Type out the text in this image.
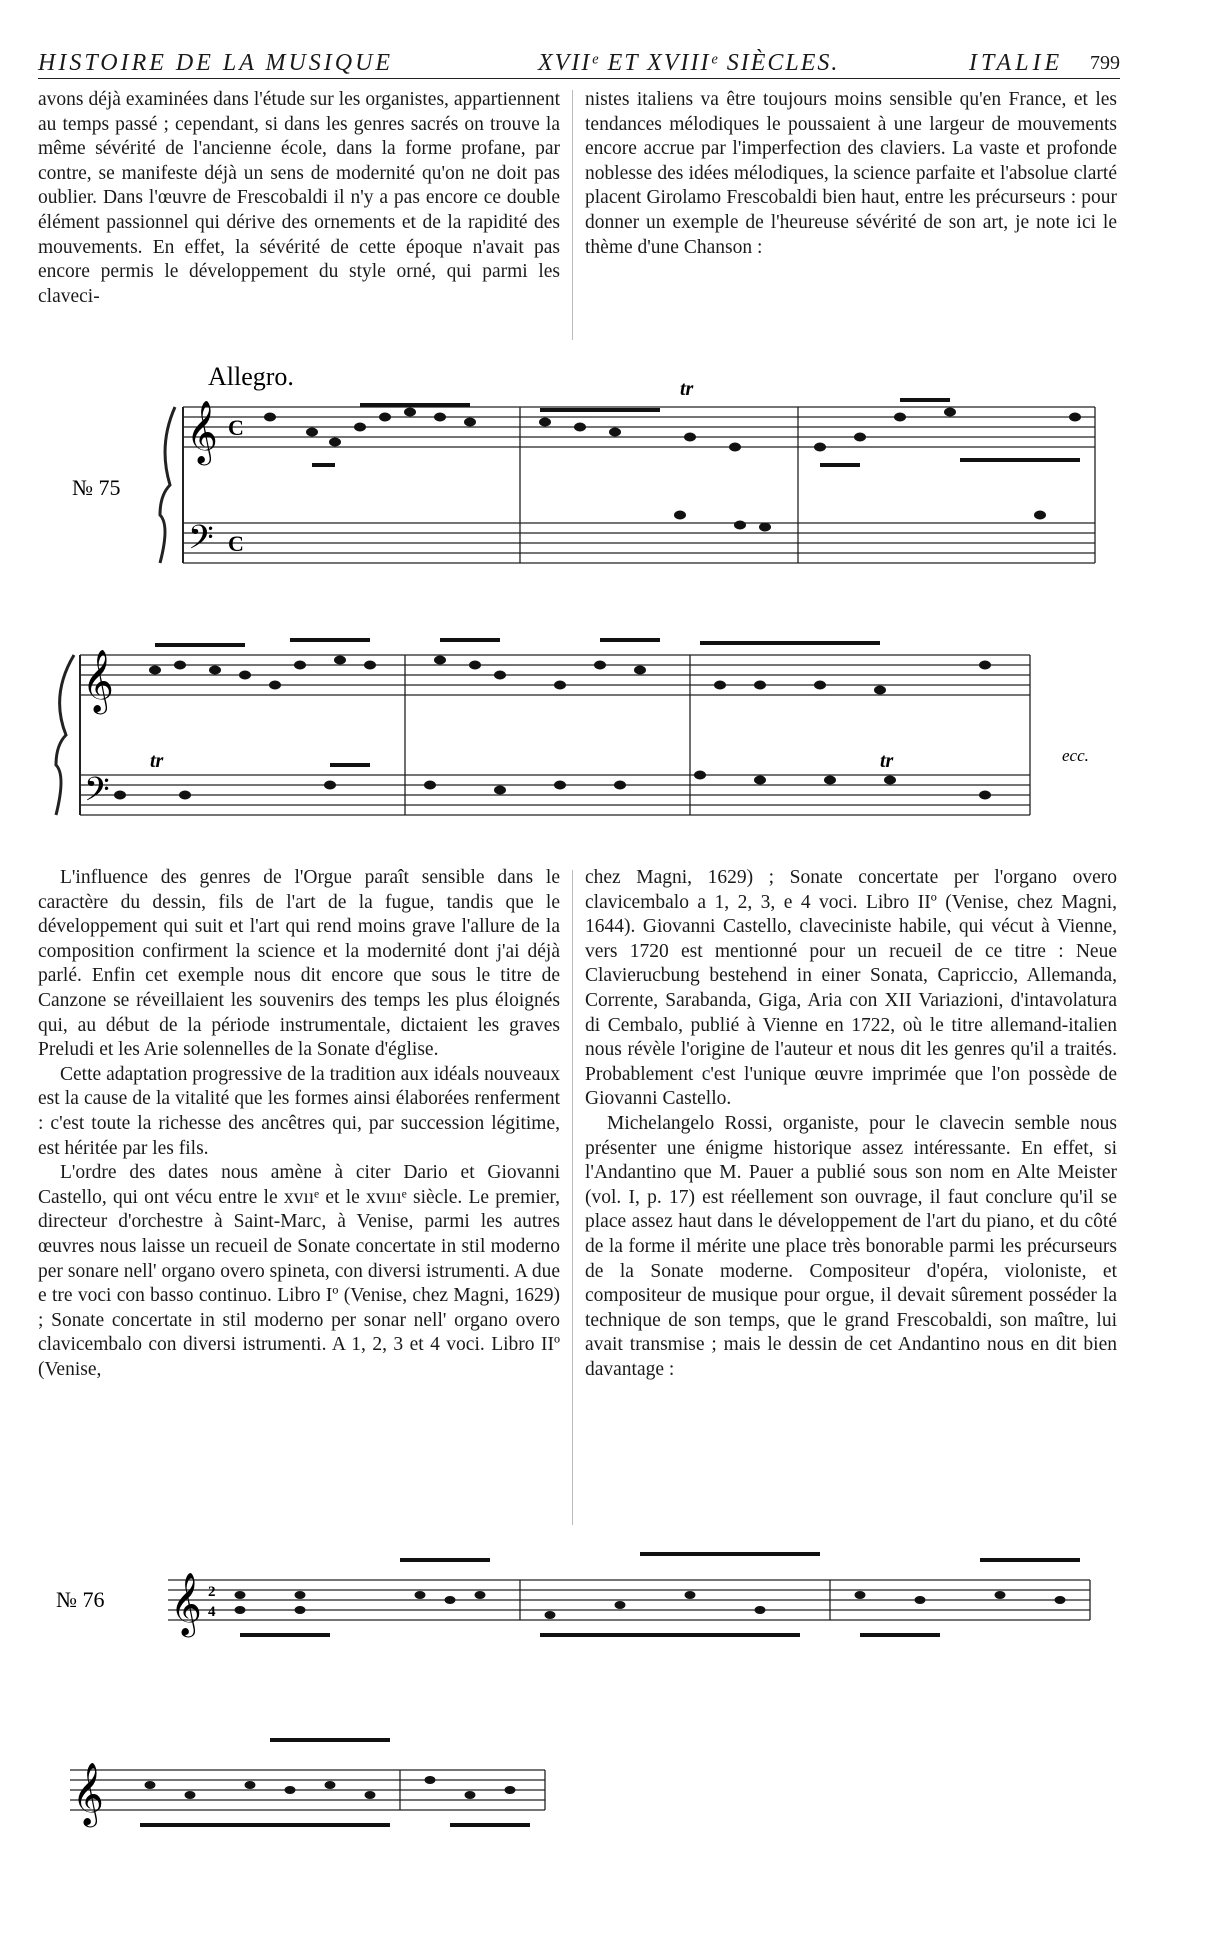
HISTOIRE DE LA MUSIQUE	XVIIᵉ ET XVIIIᵉ SIÈCLES.	ITALIE 799

avons déjà examinées dans l'étude sur les organistes, appartiennent au temps passé ; cependant, si dans les genres sacrés on trouve la même sévérité de l'ancienne école, dans la forme profane, par contre, se manifeste déjà un sens de modernité qu'on ne doit pas oublier. Dans l'œuvre de Frescobaldi il n'y a pas encore ce double élément passionnel qui dérive des ornements et de la rapidité des mouvements. En effet, la sévérité de cette époque n'avait pas encore permis le développement du style orné, qui parmi les claveci-

nistes italiens va être toujours moins sensible qu'en France, et les tendances mélodiques le poussaient à une largeur de mouvements encore accrue par l'imperfection des claviers. La vaste et profonde noblesse des idées mélodiques, la science parfaite et l'absolue clarté placent Girolamo Frescobaldi bien haut, entre les précurseurs : pour donner un exemple de l'heureuse sévérité de son art, je note ici le thème d'une Chanson :

Allegro.
№ 75
𝄞
𝄢
C
C
tr
𝄞
𝄢
tr	tr	ecc.

L'influence des genres de l'Orgue paraît sensible dans le caractère du dessin, fils de l'art de la fugue, tandis que le développement qui suit et l'art qui rend moins grave l'allure de la composition confirment la science et la modernité dont j'ai déjà parlé. Enfin cet exemple nous dit encore que sous le titre de Canzone se réveillaient les souvenirs des temps les plus éloignés qui, au début de la période instrumentale, dictaient les graves Preludi et les Arie solennelles de la Sonate d'église.

Cette adaptation progressive de la tradition aux idéals nouveaux est la cause de la vitalité que les formes ainsi élaborées renferment : c'est toute la richesse des ancêtres qui, par succession légitime, est héritée par les fils.

L'ordre des dates nous amène à citer Dario et Giovanni Castello, qui ont vécu entre le xvııᵉ et le xvıııᵉ siècle. Le premier, directeur d'orchestre à Saint-Marc, à Venise, parmi les autres œuvres nous laisse un recueil de Sonate concertate in stil moderno per sonare nell' organo overo spineta, con diversi istrumenti. A due e tre voci con basso continuo. Libro Iº (Venise, chez Magni, 1629) ; Sonate concertate in stil moderno per sonar nell' organo overo clavicembalo con diversi istrumenti. A 1, 2, 3 et 4 voci. Libro IIº (Venise,

chez Magni, 1629) ; Sonate concertate per l'organo overo clavicembalo a 1, 2, 3, e 4 voci. Libro IIº (Venise, chez Magni, 1644). Giovanni Castello, claveciniste habile, qui vécut à Vienne, vers 1720 est mentionné pour un recueil de ce titre : Neue Clavierucbung bestehend in einer Sonata, Capriccio, Allemanda, Corrente, Sarabanda, Giga, Aria con XII Variazioni, d'intavolatura di Cembalo, publié à Vienne en 1722, où le titre allemand-italien nous révèle l'origine de l'auteur et nous dit les genres qu'il a traités. Probablement c'est l'unique œuvre imprimée que l'on possède de Giovanni Castello.

Michelangelo Rossi, organiste, pour le clavecin semble nous présenter une énigme historique assez intéressante. En effet, si l'Andantino que M. Pauer a publié sous son nom en Alte Meister (vol. I, p. 17) est réellement son ouvrage, il faut conclure qu'il se place assez haut dans le développement de l'art du piano, et du côté de la forme il mérite une place très bonorable parmi les précurseurs de la Sonate moderne. Compositeur d'opéra, violoniste, et compositeur de musique pour orgue, il devait sûrement posséder la technique de son temps, que le grand Frescobaldi, son maître, lui avait transmise ; mais le dessin de cet Andantino nous en dit bien davantage :

№ 76 𝄞 2
4
𝄞
